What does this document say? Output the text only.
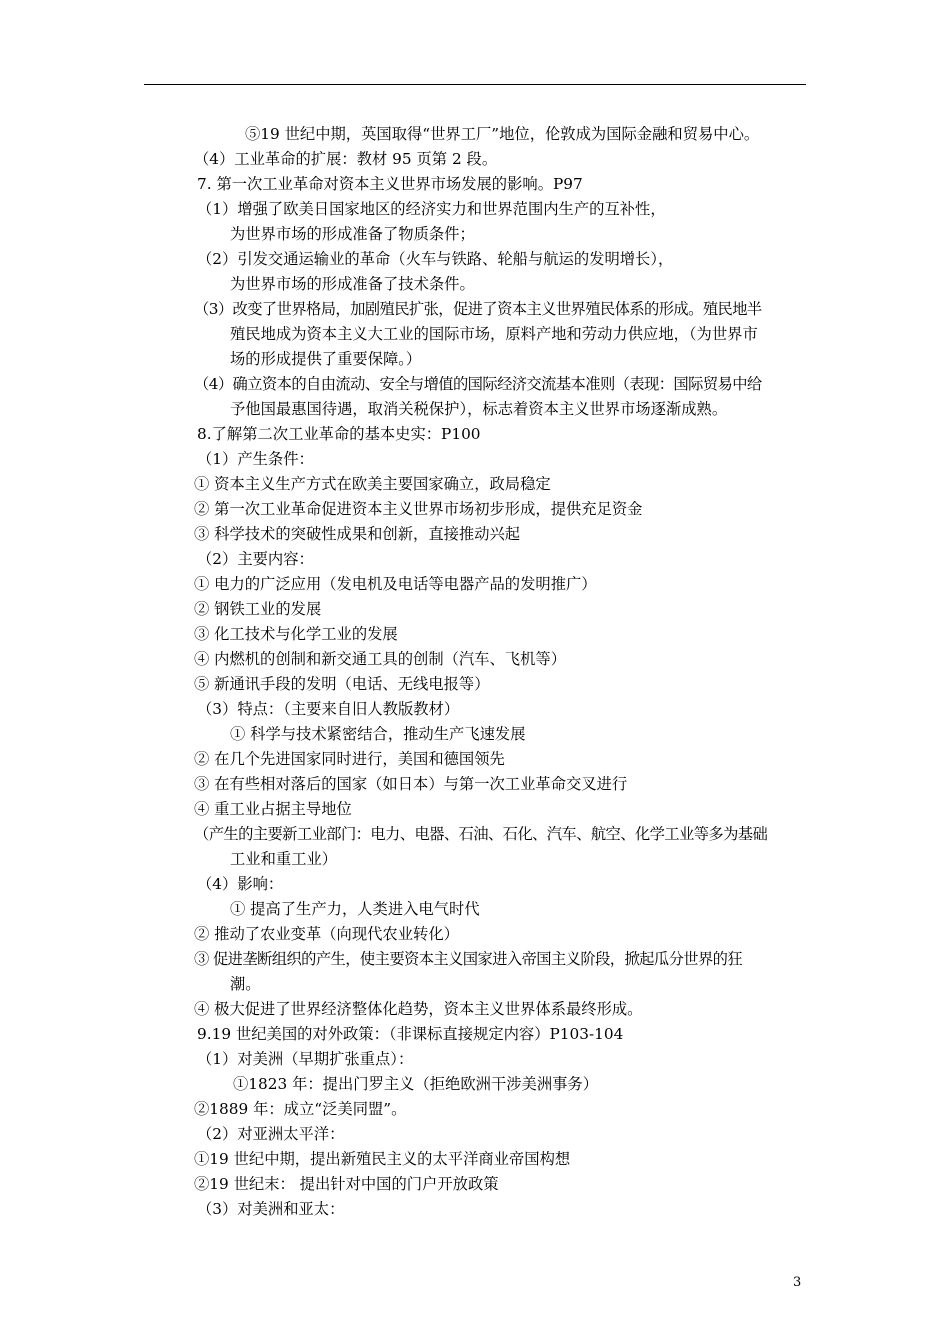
⑤19 世纪中期，英国取得“世界工厂”地位，伦敦成为国际金融和贸易中心。
（4）工业革命的扩展：教材 95 页第 2 段。
7. 第一次工业革命对资本主义世界市场发展的影响。P97
（1）增强了欧美日国家地区的经济实力和世界范围内生产的互补性，
为世界市场的形成准备了物质条件；
（2）引发交通运输业的革命（火车与铁路、轮船与航运的发明增长），
为世界市场的形成准备了技术条件。
（3）改变了世界格局，加剧殖民扩张，促进了资本主义世界殖民体系的形成。殖民地半
殖民地成为资本主义大工业的国际市场，原料产地和劳动力供应地，（为世界市
场的形成提供了重要保障。）
（4）确立资本的自由流动、安全与增值的国际经济交流基本准则（表现：国际贸易中给
予他国最惠国待遇，取消关税保护），标志着资本主义世界市场逐渐成熟。
8.了解第二次工业革命的基本史实：P100
（1）产生条件：
① 资本主义生产方式在欧美主要国家确立，政局稳定
② 第一次工业革命促进资本主义世界市场初步形成，提供充足资金
③ 科学技术的突破性成果和创新，直接推动兴起
（2）主要内容：
① 电力的广泛应用（发电机及电话等电器产品的发明推广）
② 钢铁工业的发展
③ 化工技术与化学工业的发展
④ 内燃机的创制和新交通工具的创制（汽车、飞机等）
⑤ 新通讯手段的发明（电话、无线电报等）
（3）特点：（主要来自旧人教版教材）
① 科学与技术紧密结合，推动生产飞速发展
② 在几个先进国家同时进行，美国和德国领先
③ 在有些相对落后的国家（如日本）与第一次工业革命交叉进行
④ 重工业占据主导地位
（产生的主要新工业部门：电力、电器、石油、石化、汽车、航空、化学工业等多为基础
工业和重工业）
（4）影响：
① 提高了生产力，人类进入电气时代
② 推动了农业变革（向现代农业转化）
③ 促进垄断组织的产生，使主要资本主义国家进入帝国主义阶段，掀起瓜分世界的狂
潮。
④ 极大促进了世界经济整体化趋势，资本主义世界体系最终形成。
9.19 世纪美国的对外政策：（非课标直接规定内容）P103-104
（1）对美洲（早期扩张重点）：
①1823 年：提出门罗主义（拒绝欧洲干涉美洲事务）
②1889 年：成立“泛美同盟”。
（2）对亚洲太平洋：
①19 世纪中期，提出新殖民主义的太平洋商业帝国构想
②19 世纪末： 提出针对中国的门户开放政策
（3）对美洲和亚太：
3
